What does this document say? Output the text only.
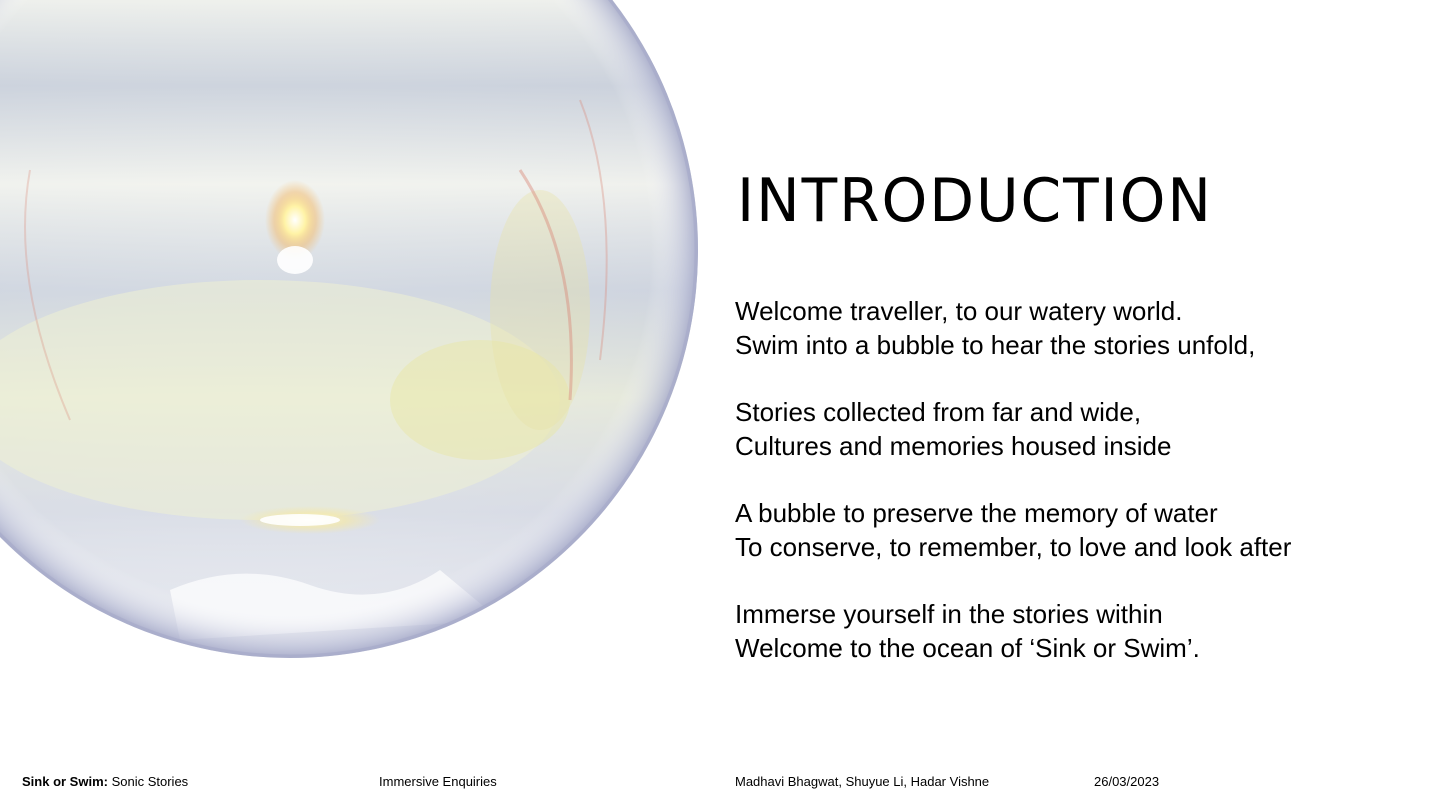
INTRODUCTION

Welcome traveller, to our watery world.
Swim into a bubble to hear the stories unfold,

Stories collected from far and wide,
Cultures and memories housed inside

A bubble to preserve the memory of water
To conserve, to remember, to love and look after

Immerse yourself in the stories within
Welcome to the ocean of ‘Sink or Swim’.

Sink or Swim: Sonic Stories	Immersive Enquiries	Madhavi Bhagwat, Shuyue Li, Hadar Vishne	26/03/2023
